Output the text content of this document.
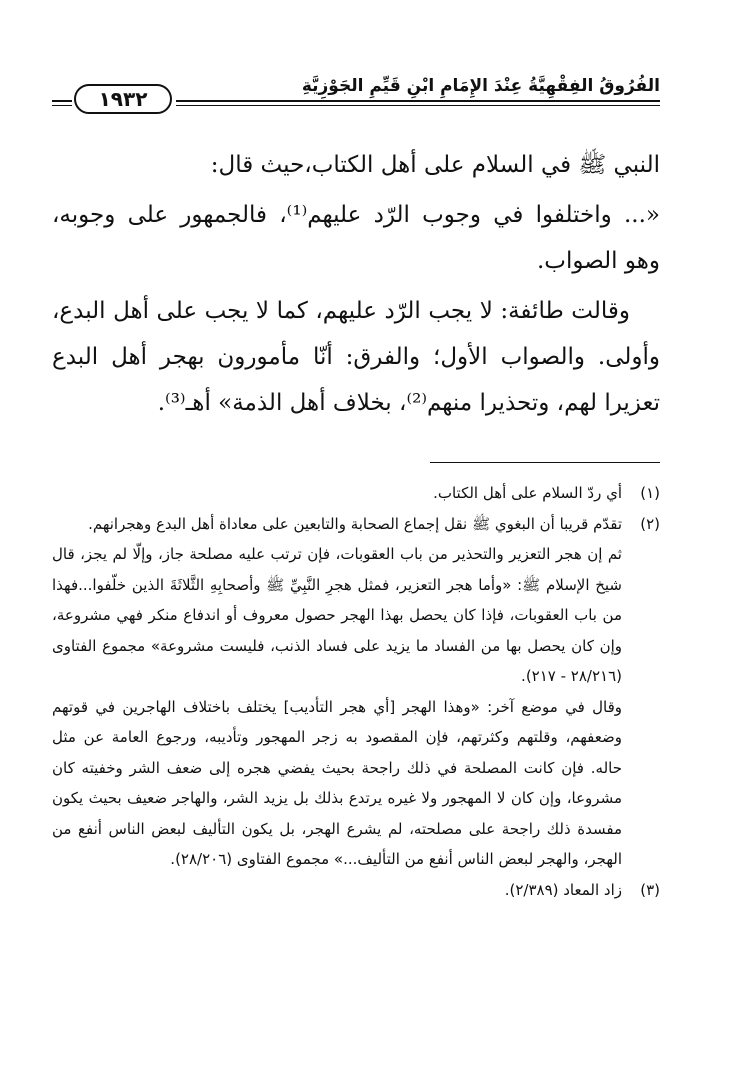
١٩٣٢
الفُرُوقُ الفِقْهِيَّةُ عِنْدَ الإِمَامِ ابْنِ قَيِّمِ الجَوْزِيَّةِ

النبي ﷺ في السلام على أهل الكتاب،حيث قال:

«... واختلفوا في وجوب الرّد عليهم⁽¹⁾، فالجمهور على وجوبه، وهو الصواب.

وقالت طائفة: لا يجب الرّد عليهم، كما لا يجب على أهل البدع، وأولى. والصواب الأول؛ والفرق: أنّا مأمورون بهجر أهل البدع تعزيرا لهم، وتحذيرا منهم⁽²⁾، بخلاف أهل الذمة» أهـ⁽³⁾.

(١)

أي ردّ السلام على أهل الكتاب.

(٢)

تقدّم قريبا أن البغوي ﷺ نقل إجماع الصحابة والتابعين على معاداة أهل البدع وهجرانهم.

ثم إن هجر التعزير والتحذير من باب العقوبات، فإن ترتب عليه مصلحة جاز، وإلّا لم يجز، قال شيخ الإسلام ﷺ: «وأما هجر التعزير، فمثل هجرِ النَّبِيِّ ﷺ وأصحابِهِ الثَّلاثَةَ الذين خلّفوا...فهذا من باب العقوبات، فإذا كان يحصل بهذا الهجر حصول معروف أو اندفاع منكر فهي مشروعة، وإن كان يحصل بها من الفساد ما يزيد على فساد الذنب، فليست مشروعة» مجموع الفتاوى (٢٨/٢١٦ - ٢١٧).

وقال في موضع آخر: «وهذا الهجر [أي هجر التأديب] يختلف باختلاف الهاجرين في قوتهم وضعفهم، وقلتهم وكثرتهم، فإن المقصود به زجر المهجور وتأديبه، ورجوع العامة عن مثل حاله. فإن كانت المصلحة في ذلك راجحة بحيث يفضي هجره إلى ضعف الشر وخفيته كان مشروعا، وإن كان لا المهجور ولا غيره يرتدع بذلك بل يزيد الشر، والهاجر ضعيف بحيث يكون مفسدة ذلك راجحة على مصلحته، لم يشرع الهجر، بل يكون التأليف لبعض الناس أنفع من الهجر، والهجر لبعض الناس أنفع من التأليف...» مجموع الفتاوى (٢٨/٢٠٦).

(٣)

زاد المعاد (٢/٣٨٩).
